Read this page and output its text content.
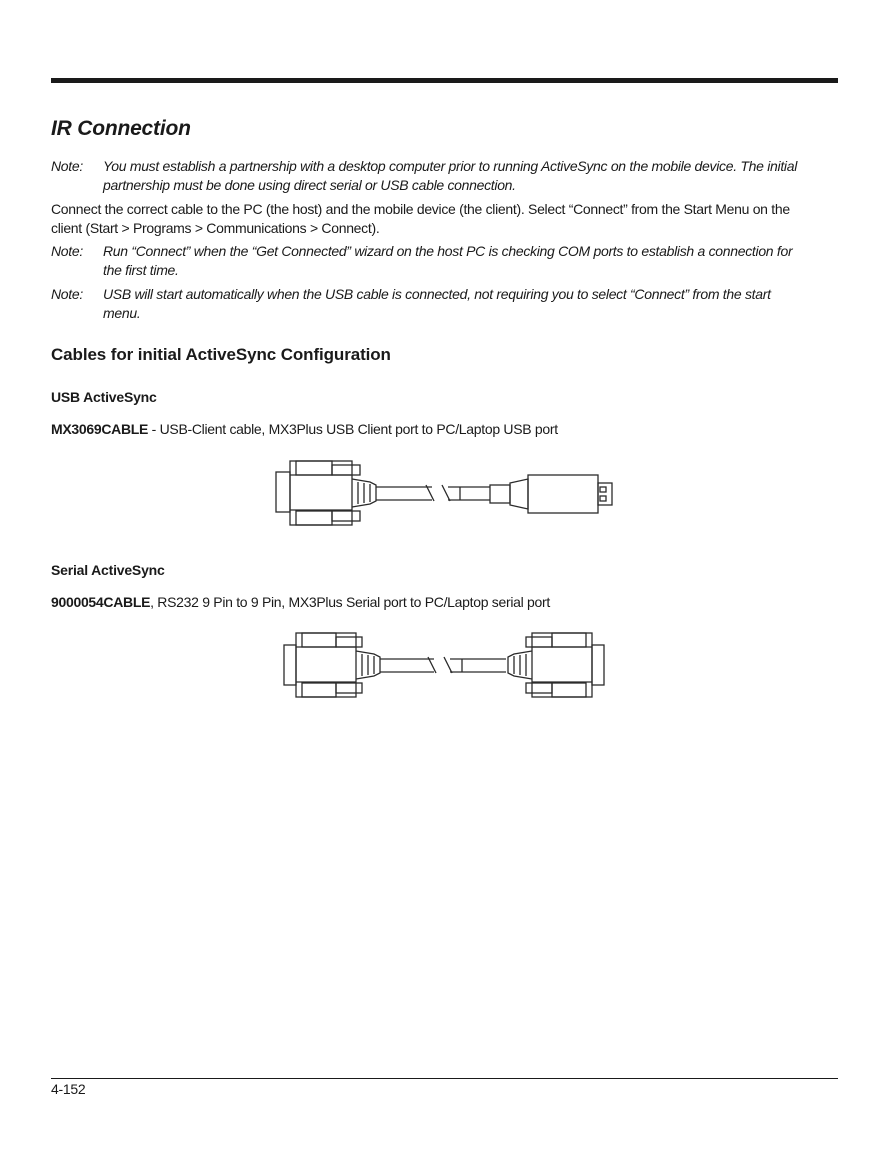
IR Connection
Note: You must establish a partnership with a desktop computer prior to running ActiveSync on the mobile device. The initial
partnership must be done using direct serial or USB cable connection.
Connect the correct cable to the PC (the host) and the mobile device (the client). Select “Connect” from the Start Menu on the
client (Start > Programs > Communications > Connect).
Note: Run “Connect” when the “Get Connected” wizard on the host PC is checking COM ports to establish a connection for
the first time.
Note: USB will start automatically when the USB cable is connected, not requiring you to select “Connect” from the start
menu.
Cables for initial ActiveSync Configuration
USB ActiveSync
MX3069CABLE - USB-Client cable, MX3Plus USB Client port to PC/Laptop USB port
Serial ActiveSync
9000054CABLE, RS232 9 Pin to 9 Pin, MX3Plus Serial port to PC/Laptop serial port
4-152
